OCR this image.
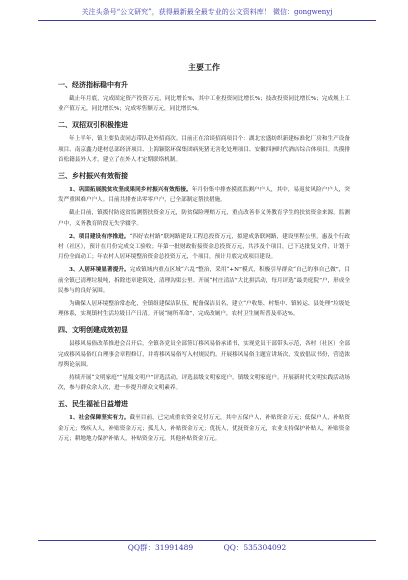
关注头条号“公文研究”，获得最新最全最专业的公文资料库！ 微信：gongwenyj
主要工作
一、经济指标稳中有升

截止年月底，完成固定资产投资万元，同比增长%，其中工业投资同比增长%；技改投资同比增长%；完成规上工业产值万元，同比增长%；完成零售额万元，同比增长%。

二、双招双引积极推进

年上半年，镇主要负责同志带队赴外招商次。目前正在洽谈招商项目个：湖北宏盛纺织新建标准化厂房和生产设备项目、南京鑫力建材总部经济项目、上海颖铭环保集团病死猪无害化处理项目、安徽四洲时代酒店综合体项目。共摸排首松籍县外人才，建立了在外人才定期联络机制。

三、乡村振兴有效衔接

1、巩固拓展脱贫攻坚成果同乡村振兴有效衔接。年月份集中排查摸底监测户户人，其中，易返贫风险户户人，突发严重困难户户人。目前共排查出零零户户，已全部制定帮扶措施。

截止目前，镇拨付防返贫监测帮扶资金万元，防贫保险理赔万元，重点改善非义务教育学生的扶贫资金来源。监测户中，义务教育阶段无失学辍学。

2、项目建设有序推进。“四好农村路”联网路建设工程总投资万元，拟建成条联网路，建设里程公里，惠及个行政村（社区），预计在月份完成交工验收；年第一批财政衔接资金总投资万元，共涉及个项目，已下达批复文件，计划于月份全面动工；年农村人居环境整治资金总投资万元，个项目，预计月底完成项目建设。

3、人居环境显著提升。完成镇域内重点区域“六乱”整治，采用“+N”模式，积极引导群众“自己的事自己做”，目前全镇已清理垃圾吨，拆除违章建筑处，清理沟渠公里。开展“村庄清洁”大比拼活动，每月评选“最美庭院”户，形成全民参与的良好氛围。

为确保人居环境整治常态化，全镇组建保洁队伍，配备保洁员名，建立“户收集、村集中、镇转运、县处理”垃圾处理体系，实现镇村生活垃圾日产日清。开展“厕所革命”，完成改厕户，农村卫生厕所普及率达%。

四、文明创建成效初显

县移风易俗改革推进会召开后，全镇各党员全部签订移风易俗承诺书，实现党员干部带头示范，各村（社区）全部完成移风易俗红白理事会章程修订，并将移风易俗写入村规民约。开展移风易俗主题宣讲场次，发放倡议书份，营造浓厚舆论氛围。

持续开展“文明家庭”“星级文明户”评选活动，评选县级文明家庭户，镇级文明家庭户。开展新时代文明实践活动场次，参与群众余人次，进一步提升群众文明素养。

五、民生福祉日益增进

1、社会保障坚实有力。截至目前，已完成重农资金兑付万元，其中五保户人，补贴资金万元；低保户人，补贴资金万元；残疾人人，补贴资金万元；孤儿人，补贴资金万元；优抚人，优抚资金万元，农业支持保护补贴人，补贴资金万元；耕地地力保护补贴人，补贴资金万元。其他补贴资金万元。

QQ群：31991489	QQ：535304092
